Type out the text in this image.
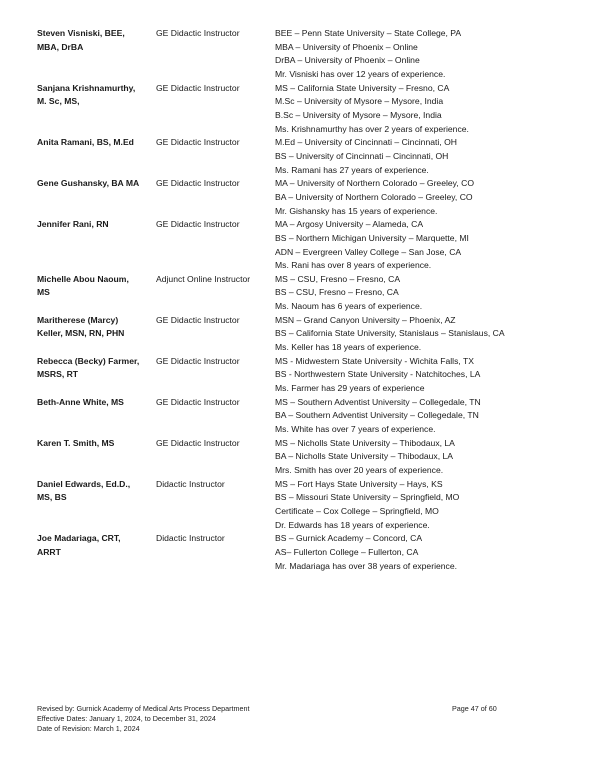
Steven Visniski, BEE,
MBA, DrBA
GE Didactic Instructor	BEE – Penn State University – State College, PA
MBA – University of Phoenix – Online
DrBA – University of Phoenix – Online
Mr. Visniski has over 12 years of experience.
Sanjana Krishnamurthy,
M. Sc, MS,
GE Didactic Instructor	MS – California State University – Fresno, CA
M.Sc – University of Mysore – Mysore, India
B.Sc – University of Mysore – Mysore, India
Ms. Krishnamurthy has over 2 years of experience.
Anita Ramani, BS, M.Ed	GE Didactic Instructor	M.Ed – University of Cincinnati – Cincinnati, OH
BS – University of Cincinnati – Cincinnati, OH
Ms. Ramani has 27 years of experience.
Gene Gushansky, BA MA	GE Didactic Instructor	MA – University of Northern Colorado – Greeley, CO
BA – University of Northern Colorado – Greeley, CO
Mr. Gishansky has 15 years of experience.
Jennifer Rani, RN	GE Didactic Instructor	MA – Argosy University – Alameda, CA
BS – Northern Michigan University – Marquette, MI
ADN – Evergreen Valley College – San Jose, CA
Ms. Rani has over 8 years of experience.
Michelle Abou Naoum,
MS
Adjunct Online Instructor	MS – CSU, Fresno – Fresno, CA
BS – CSU, Fresno – Fresno, CA
Ms. Naoum has 6 years of experience.
Maritherese (Marcy)
Keller, MSN, RN, PHN
GE Didactic Instructor	MSN – Grand Canyon University – Phoenix, AZ
BS – California State University, Stanislaus – Stanislaus, CA
Ms. Keller has 18 years of experience.
Rebecca (Becky) Farmer,
MSRS, RT
GE Didactic Instructor	MS - Midwestern State University - Wichita Falls, TX
BS - Northwestern State University - Natchitoches, LA
Ms. Farmer has 29 years of experience
Beth-Anne White, MS	GE Didactic Instructor	MS – Southern Adventist University – Collegedale, TN
BA – Southern Adventist University – Collegedale, TN
Ms. White has over 7 years of experience.
Karen T. Smith, MS	GE Didactic Instructor	MS – Nicholls State University – Thibodaux, LA
BA – Nicholls State University – Thibodaux, LA
Mrs. Smith has over 20 years of experience.
Daniel Edwards, Ed.D.,
MS, BS
Didactic Instructor	MS – Fort Hays State University – Hays, KS
BS – Missouri State University – Springfield, MO
Certificate – Cox College – Springfield, MO
Dr. Edwards has 18 years of experience.
Joe Madariaga, CRT,
ARRT
Didactic Instructor	BS – Gurnick Academy – Concord, CA
AS– Fullerton College – Fullerton, CA
Mr. Madariaga has over 38 years of experience.
Revised by: Gurnick Academy of Medical Arts Process Department
Effective Dates: January 1, 2024, to December 31, 2024
Date of Revision: March 1, 2024
Page 47 of 60
